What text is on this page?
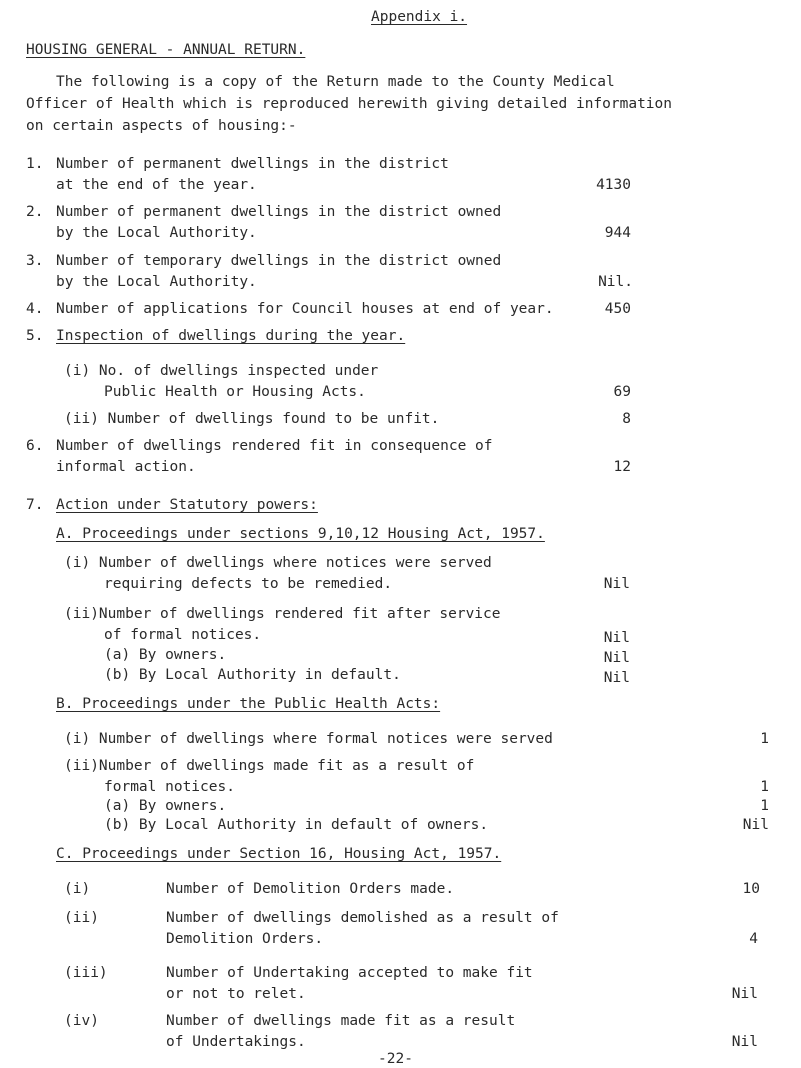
Appendix i.
HOUSING GENERAL - ANNUAL RETURN.
The following is a copy of the Return made to the County Medical
Officer of Health which is reproduced herewith giving detailed information
on certain aspects of housing:-
1. Number of permanent dwellings in the district
at the end of the year.	4130
2. Number of permanent dwellings in the district owned
by the Local Authority.	944
3. Number of temporary dwellings in the district owned
by the Local Authority.	Nil.
4. Number of applications for Council houses at end of year.	450
5. Inspection of dwellings during the year.
(i) No. of dwellings inspected under
Public Health or Housing Acts.	69
(ii) Number of dwellings found to be unfit.	8
6. Number of dwellings rendered fit in consequence of
informal action.	12
7. Action under Statutory powers:
A. Proceedings under sections 9,10,12 Housing Act, 1957.
(i) Number of dwellings where notices were served
requiring defects to be remedied.	Nil
(ii)Number of dwellings rendered fit after service
of formal notices.	Nil
(a) By owners.	Nil
(b) By Local Authority in default.	Nil
B. Proceedings under the Public Health Acts:
(i) Number of dwellings where formal notices were served	1
(ii)Number of dwellings made fit as a result of
formal notices.	1
(a) By owners.	1
(b) By Local Authority in default of owners.	Nil
C. Proceedings under Section 16, Housing Act, 1957.
(i)	Number of Demolition Orders made.	10
(ii)	Number of dwellings demolished as a result of
Demolition Orders.	4
(iii)	Number of Undertaking accepted to make fit
or not to relet.	Nil
(iv)	Number of dwellings made fit as a result
of Undertakings.	Nil
-22-
